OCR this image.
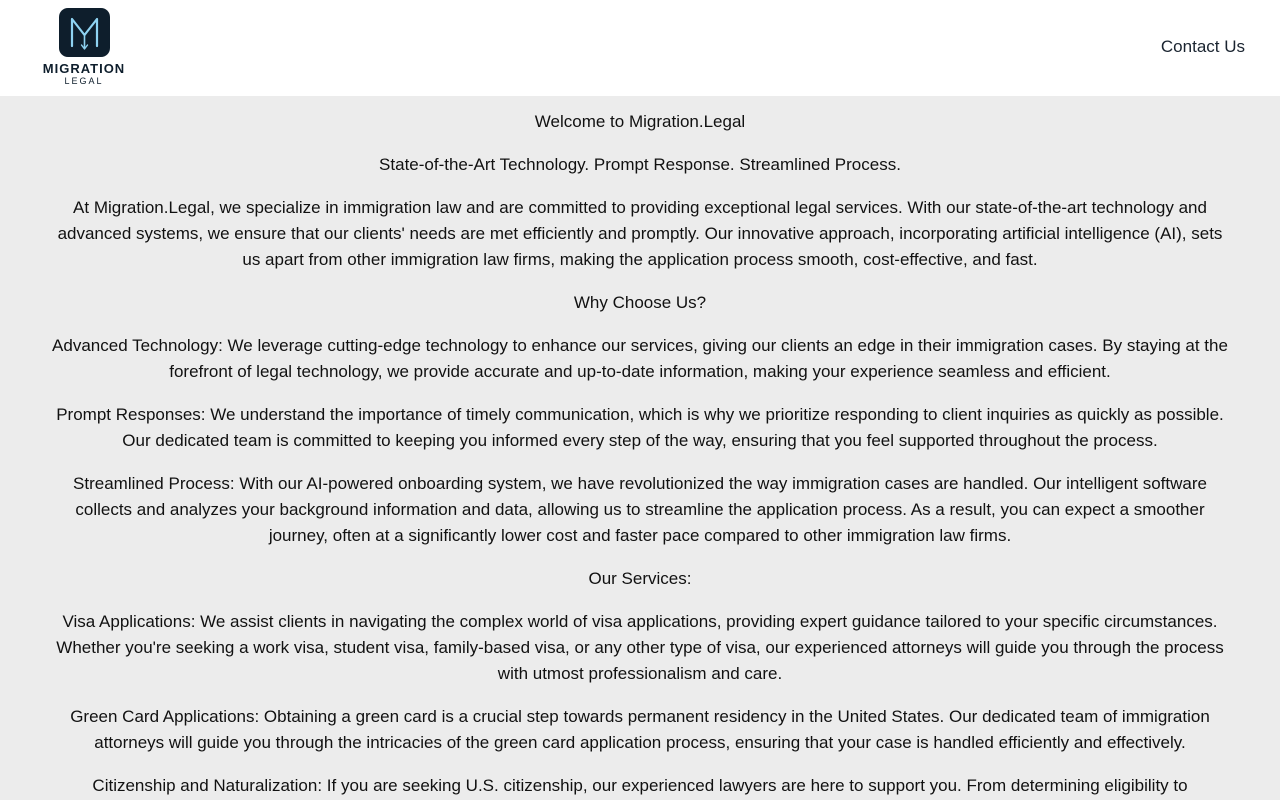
MIGRATION
LEGAL
Contact Us

Welcome to Migration.Legal

State-of-the-Art Technology. Prompt Response. Streamlined Process.

At Migration.Legal, we specialize in immigration law and are committed to providing exceptional legal services. With our state-of-the-art technology and advanced systems, we ensure that our clients' needs are met efficiently and promptly. Our innovative approach, incorporating artificial intelligence (AI), sets us apart from other immigration law firms, making the application process smooth, cost-effective, and fast.

Why Choose Us?

Advanced Technology: We leverage cutting-edge technology to enhance our services, giving our clients an edge in their immigration cases. By staying at the forefront of legal technology, we provide accurate and up-to-date information, making your experience seamless and efficient.

Prompt Responses: We understand the importance of timely communication, which is why we prioritize responding to client inquiries as quickly as possible. Our dedicated team is committed to keeping you informed every step of the way, ensuring that you feel supported throughout the process.

Streamlined Process: With our AI-powered onboarding system, we have revolutionized the way immigration cases are handled. Our intelligent software collects and analyzes your background information and data, allowing us to streamline the application process. As a result, you can expect a smoother journey, often at a significantly lower cost and faster pace compared to other immigration law firms.

Our Services:

Visa Applications: We assist clients in navigating the complex world of visa applications, providing expert guidance tailored to your specific circumstances. Whether you're seeking a work visa, student visa, family-based visa, or any other type of visa, our experienced attorneys will guide you through the process with utmost professionalism and care.

Green Card Applications: Obtaining a green card is a crucial step towards permanent residency in the United States. Our dedicated team of immigration attorneys will guide you through the intricacies of the green card application process, ensuring that your case is handled efficiently and effectively.

Citizenship and Naturalization: If you are seeking U.S. citizenship, our experienced lawyers are here to support you. From determining eligibility to
